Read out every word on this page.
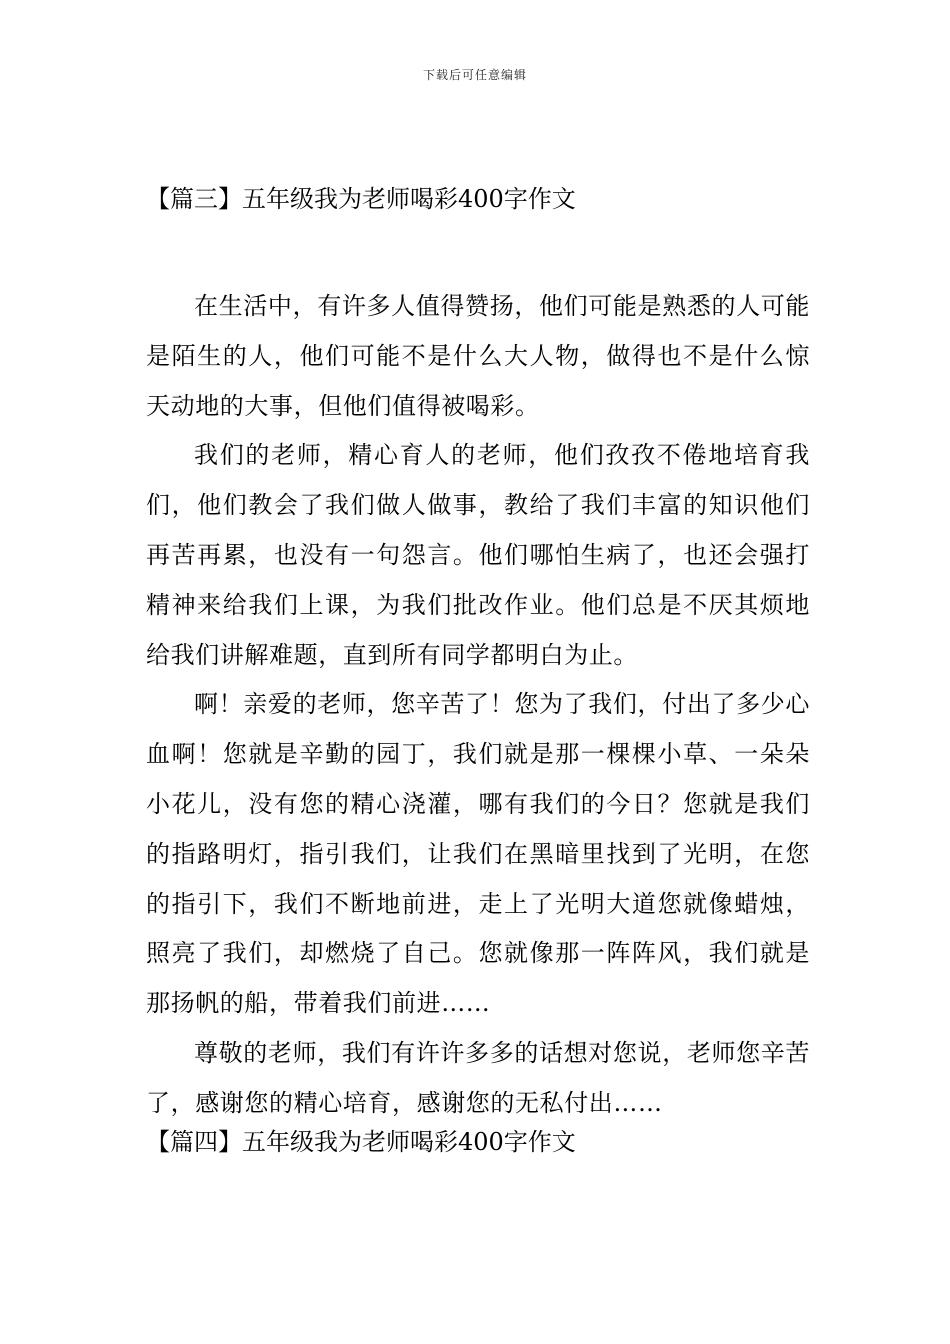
下载后可任意编辑
【篇三】五年级我为老师喝彩400字作文

在生活中，有许多人值得赞扬，他们可能是熟悉的人可能是陌生的人，他们可能不是什么大人物，做得也不是什么惊天动地的大事，但他们值得被喝彩。

我们的老师，精心育人的老师，他们孜孜不倦地培育我们，他们教会了我们做人做事，教给了我们丰富的知识他们再苦再累，也没有一句怨言。他们哪怕生病了，也还会强打精神来给我们上课，为我们批改作业。他们总是不厌其烦地给我们讲解难题，直到所有同学都明白为止。

啊！亲爱的老师，您辛苦了！您为了我们，付出了多少心血啊！您就是辛勤的园丁，我们就是那一棵棵小草、一朵朵小花儿，没有您的精心浇灌，哪有我们的今日？您就是我们的指路明灯，指引我们，让我们在黑暗里找到了光明，在您的指引下，我们不断地前进，走上了光明大道您就像蜡烛，照亮了我们，却燃烧了自己。您就像那一阵阵风，我们就是那扬帆的船，带着我们前进……

尊敬的老师，我们有许许多多的话想对您说，老师您辛苦了，感谢您的精心培育，感谢您的无私付出……

【篇四】五年级我为老师喝彩400字作文
